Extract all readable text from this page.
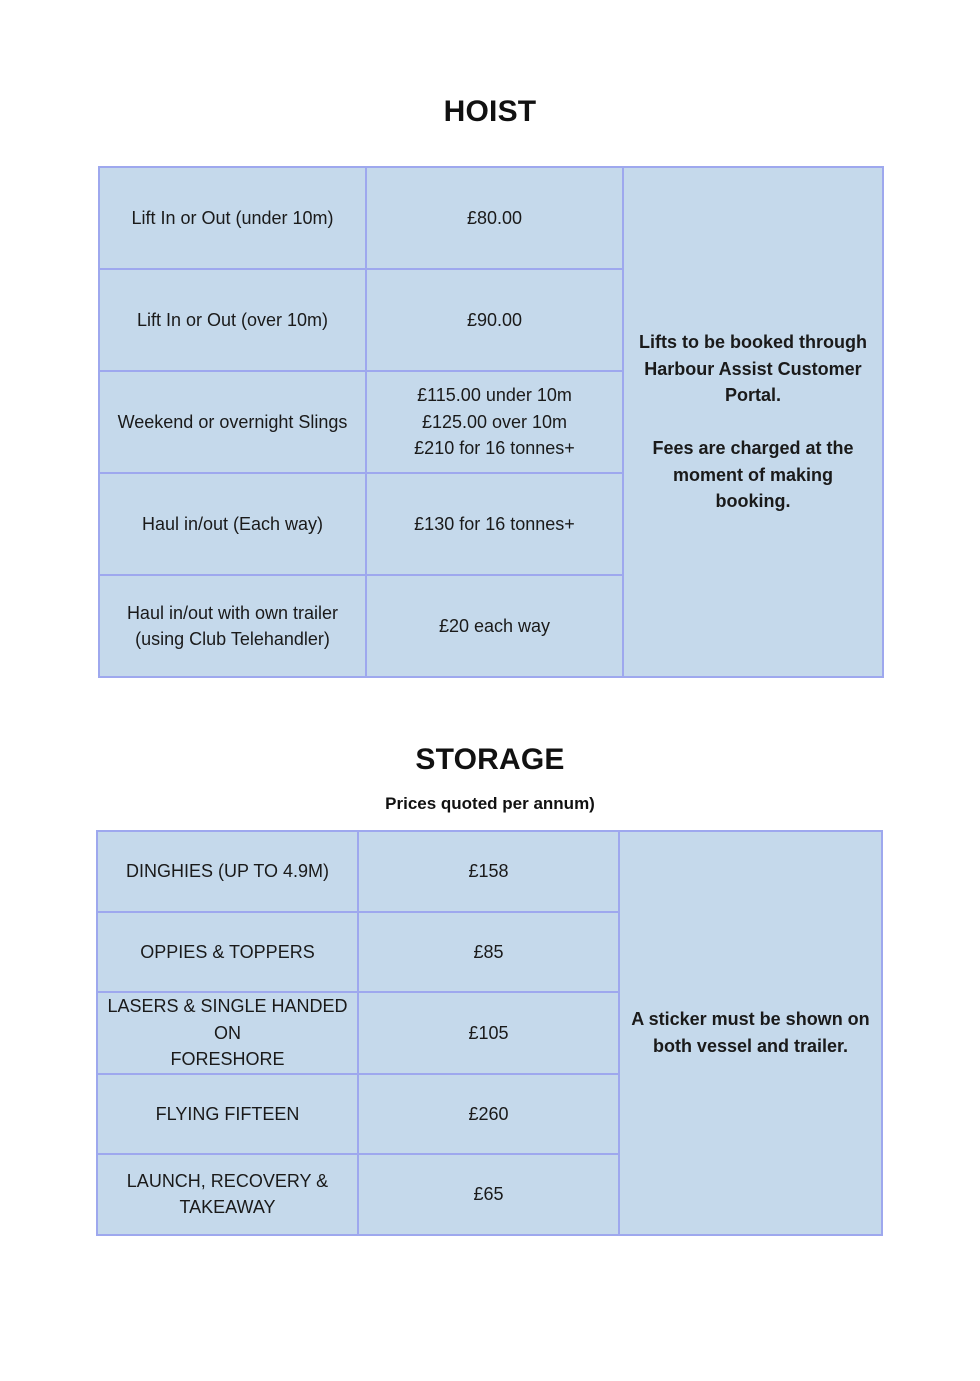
HOIST
Lift In or Out (under 10m)	£80.00	Lifts to be booked through
Harbour Assist Customer
Portal.
Fees are charged at the
moment of making booking.

Lift In or Out (over 10m)	£90.00	
Weekend or overnight Slings	£115.00 under 10m
£125.00 over 10m
£210 for 16 tonnes+	

Haul in/out (Each way)	£130 for 16 tonnes+	

Haul in/out with own trailer
(using Club Telehandler)	£20 each way	
STORAGE

Prices quoted per annum)

DINGHIES (UP TO 4.9M)	£158	A sticker must be shown on
both vessel and trailer.

OPPIES & TOPPERS	£85	

LASERS & SINGLE HANDED ON
FORESHORE	£105	

FLYING FIFTEEN	£260	

LAUNCH, RECOVERY &
TAKEAWAY	£65	
